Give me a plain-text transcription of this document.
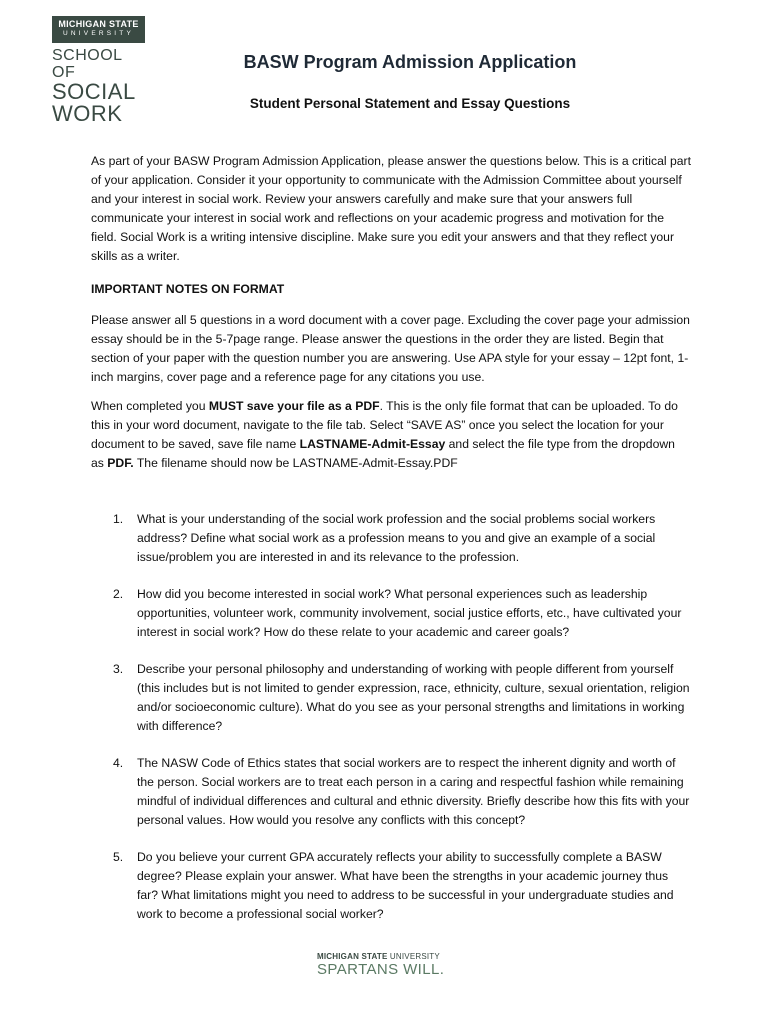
MICHIGAN STATE
UNIVERSITY
SCHOOL OF
SOCIAL
WORK
BASW Program Admission Application
Student Personal Statement and Essay Questions

As part of your BASW Program Admission Application, please answer the questions below. This is a critical part of your application. Consider it your opportunity to communicate with the Admission Committee about yourself and your interest in social work. Review your answers carefully and make sure that your answers full communicate your interest in social work and reflections on your academic progress and motivation for the field. Social Work is a writing intensive discipline. Make sure you edit your answers and that they reflect your skills as a writer.

IMPORTANT NOTES ON FORMAT

Please answer all 5 questions in a word document with a cover page. Excluding the cover page your admission essay should be in the 5-7page range. Please answer the questions in the order they are listed. Begin that section of your paper with the question number you are answering. Use APA style for your essay – 12pt font, 1-inch margins, cover page and a reference page for any citations you use.

When completed you MUST save your file as a PDF. This is the only file format that can be uploaded. To do this in your word document, navigate to the file tab. Select “SAVE AS” once you select the location for your document to be saved, save file name LASTNAME-Admit-Essay and select the file type from the dropdown as PDF. The filename should now be LASTNAME-Admit-Essay.PDF

1. What is your understanding of the social work profession and the social problems social workers address? Define what social work as a profession means to you and give an example of a social issue/problem you are interested in and its relevance to the profession.
2. How did you become interested in social work? What personal experiences such as leadership opportunities, volunteer work, community involvement, social justice efforts, etc., have cultivated your interest in social work? How do these relate to your academic and career goals?
3. Describe your personal philosophy and understanding of working with people different from yourself (this includes but is not limited to gender expression, race, ethnicity, culture, sexual orientation, religion and/or socioeconomic culture). What do you see as your personal strengths and limitations in working with difference?
4. The NASW Code of Ethics states that social workers are to respect the inherent dignity and worth of the person. Social workers are to treat each person in a caring and respectful fashion while remaining mindful of individual differences and cultural and ethnic diversity. Briefly describe how this fits with your personal values. How would you resolve any conflicts with this concept?
5. Do you believe your current GPA accurately reflects your ability to successfully complete a BASW degree? Please explain your answer. What have been the strengths in your academic journey thus far? What limitations might you need to address to be successful in your undergraduate studies and work to become a professional social worker?
MICHIGAN STATE UNIVERSITY
SPARTANS WILL.
